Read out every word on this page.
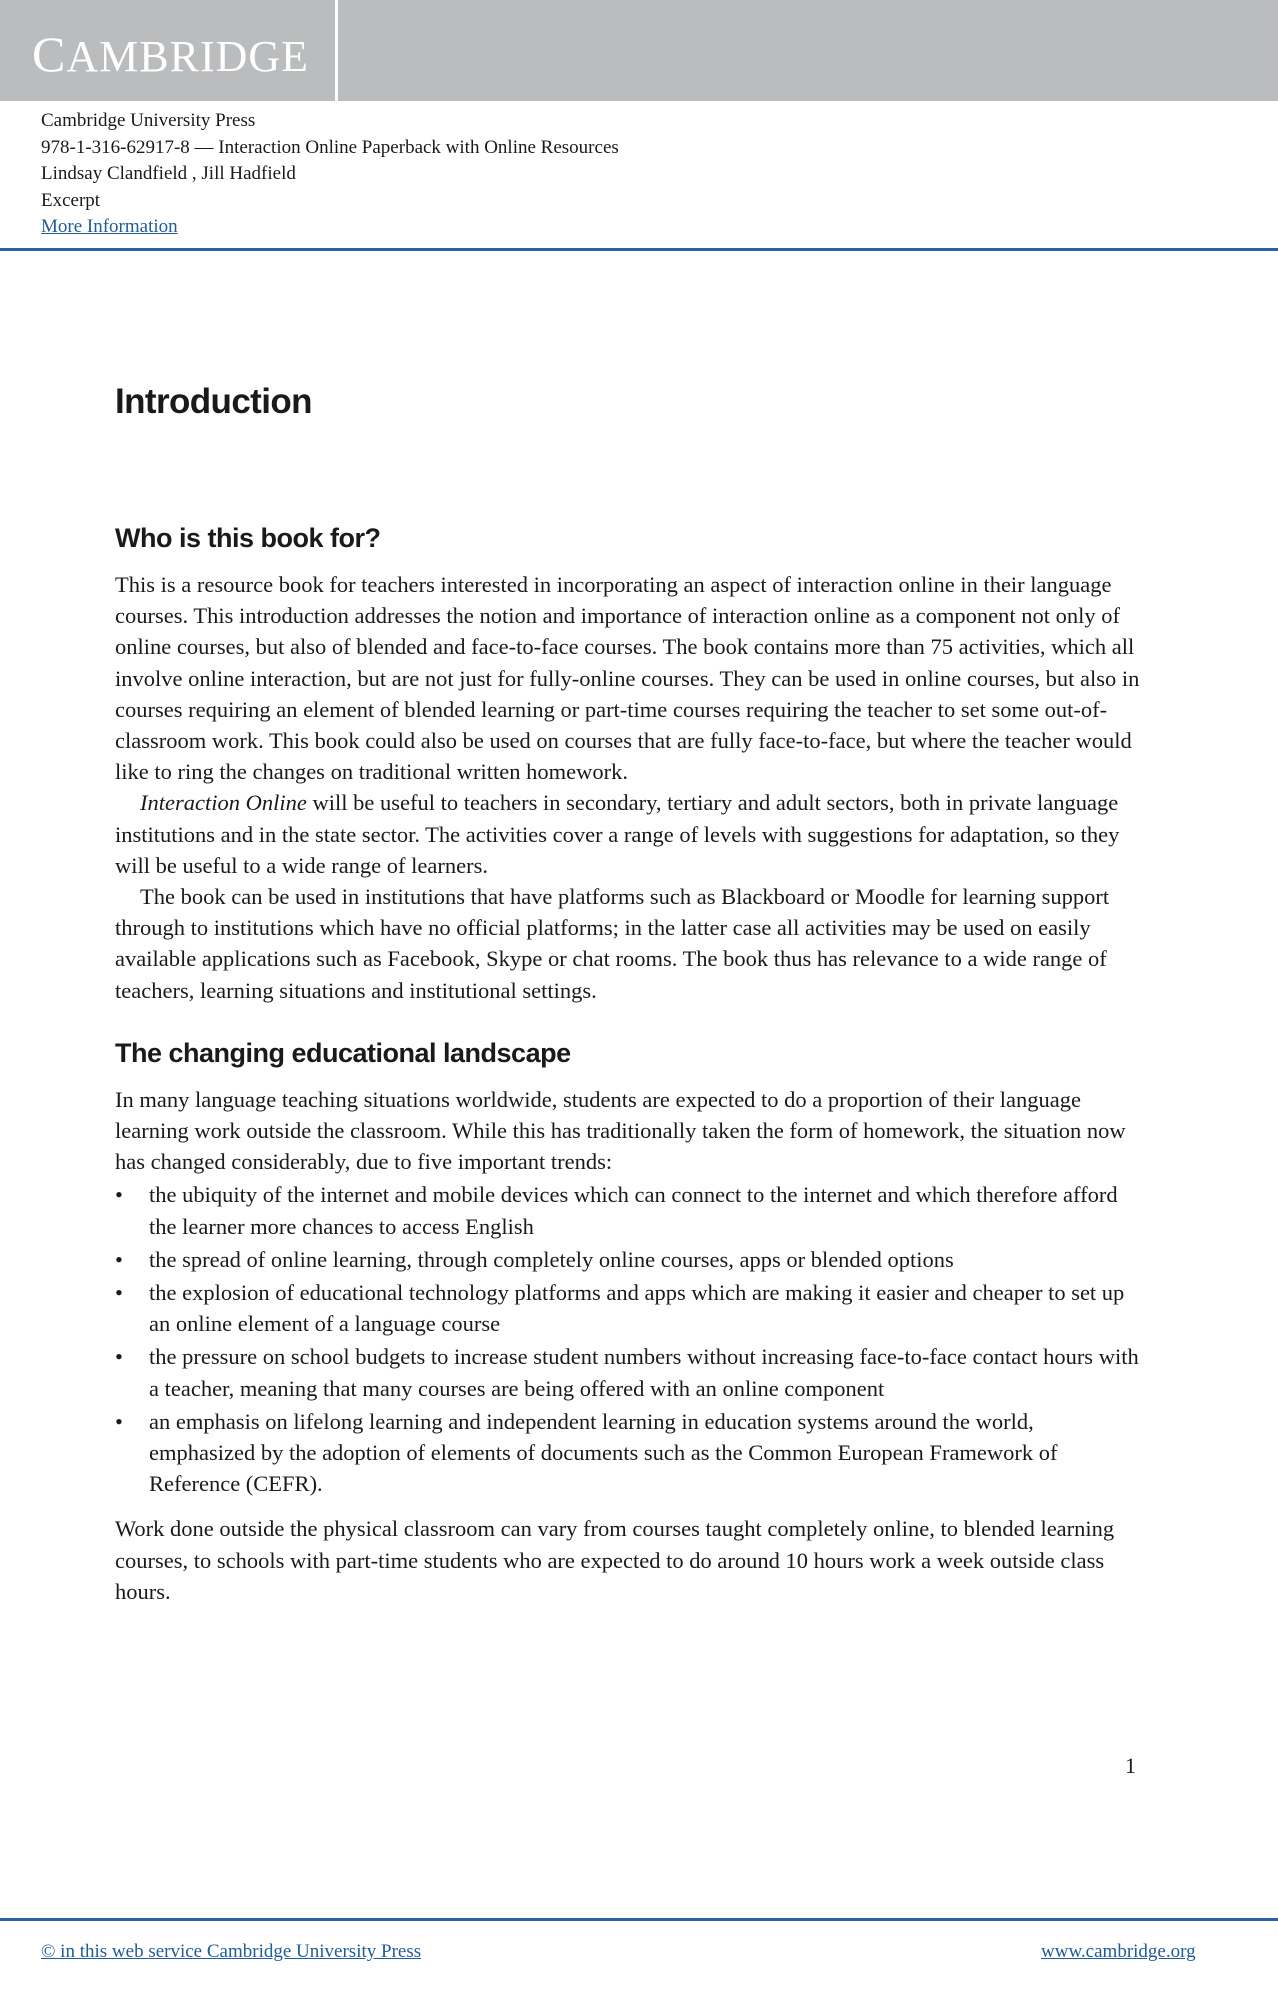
CAMBRIDGE
Cambridge University Press
978-1-316-62917-8 — Interaction Online Paperback with Online Resources
Lindsay Clandfield , Jill Hadfield
Excerpt
More Information
Introduction
Who is this book for?

This is a resource book for teachers interested in incorporating an aspect of interaction online in their language courses. This introduction addresses the notion and importance of interaction online as a component not only of online courses, but also of blended and face-to-face courses. The book contains more than 75 activities, which all involve online interaction, but are not just for fully-online courses. They can be used in online courses, but also in courses requiring an element of blended learning or part-time courses requiring the teacher to set some out-of-classroom work. This book could also be used on courses that are fully face-to-face, but where the teacher would like to ring the changes on traditional written homework.

Interaction Online will be useful to teachers in secondary, tertiary and adult sectors, both in private language institutions and in the state sector. The activities cover a range of levels with suggestions for adaptation, so they will be useful to a wide range of learners.

The book can be used in institutions that have platforms such as Blackboard or Moodle for learning support through to institutions which have no official platforms; in the latter case all activities may be used on easily available applications such as Facebook, Skype or chat rooms. The book thus has relevance to a wide range of teachers, learning situations and institutional settings.

The changing educational landscape

In many language teaching situations worldwide, students are expected to do a proportion of their language learning work outside the classroom. While this has traditionally taken the form of homework, the situation now has changed considerably, due to five important trends:

• the ubiquity of the internet and mobile devices which can connect to the internet and which therefore afford the learner more chances to access English
• the spread of online learning, through completely online courses, apps or blended options
• the explosion of educational technology platforms and apps which are making it easier and cheaper to set up an online element of a language course
• the pressure on school budgets to increase student numbers without increasing face-to-face contact hours with a teacher, meaning that many courses are being offered with an online component
• an emphasis on lifelong learning and independent learning in education systems around the world, emphasized by the adoption of elements of documents such as the Common European Framework of Reference (CEFR).

Work done outside the physical classroom can vary from courses taught completely online, to blended learning courses, to schools with part-time students who are expected to do around 10 hours work a week outside class hours.

1
© in this web service Cambridge University Press	www.cambridge.org
